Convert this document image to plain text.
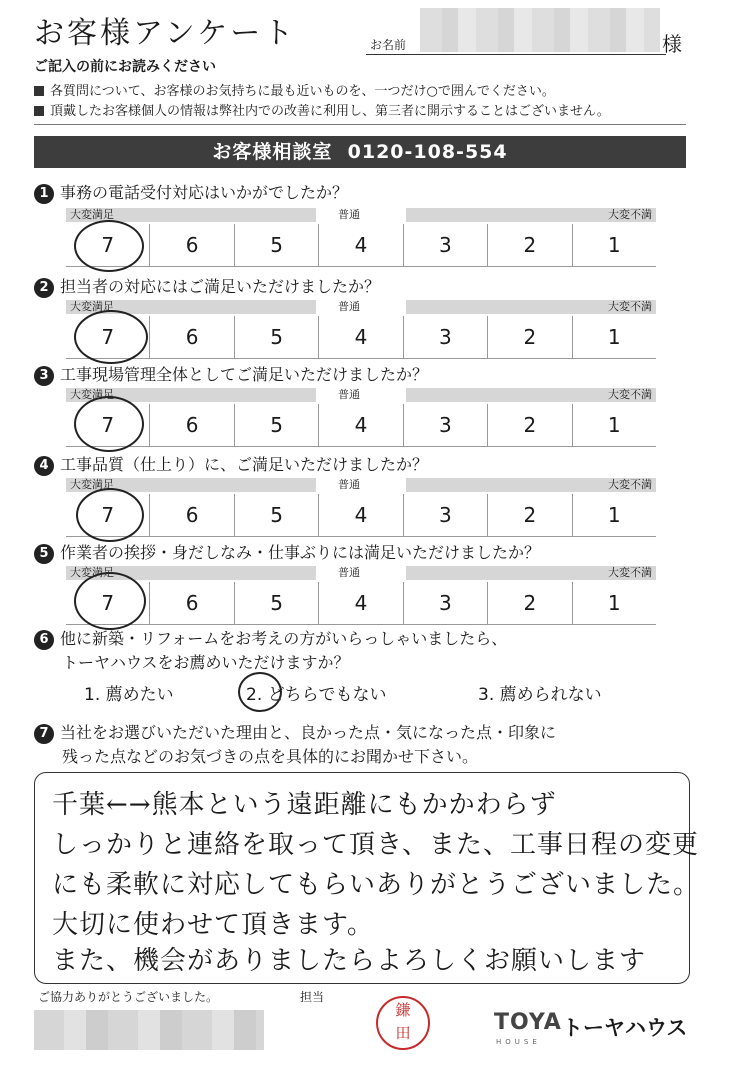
お客様アンケート	お名前	様
ご記入の前にお読みください
各質問について、お客様のお気持ちに最も近いものを、一つだけ○で囲んでください。
頂戴したお客様個人の情報は弊社内での改善に利用し、第三者に開示することはございません。
お客様相談室 0120-108-554
1 事務の電話受付対応はいかがでしたか？
大変満足	普通	大変不満
7	6	5	4	3	2	1
2 担当者の対応にはご満足いただけましたか？
大変満足	普通	大変不満
7	6	5	4	3	2	1
3 工事現場管理全体としてご満足いただけましたか？
大変満足	普通	大変不満
7	6	5	4	3	2	1
4 工事品質（仕上り）に、ご満足いただけましたか？
大変満足	普通	大変不満
7	6	5	4	3	2	1
5 作業者の挨拶・身だしなみ・仕事ぶりには満足いただけましたか？
大変満足	普通	大変不満
7	6	5	4	3	2	1
6 他に新築・リフォームをお考えの方がいらっしゃいましたら、
トーヤハウスをお薦めいただけますか？
1. 薦めたい	2. どちらでもない	3. 薦められない
7 当社をお選びいただいた理由と、良かった点・気になった点・印象に
残った点などのお気づきの点を具体的にお聞かせ下さい。
千葉←→熊本という遠距離にもかかわらず
しっかりと連絡を取って頂き、また、工事日程の変更
にも柔軟に対応してもらいありがとうございました。
大切に使わせて頂きます。
また、機会がありましたらよろしくお願いします
ご協力ありがとうございました。	担当
鎌田	TOYA
HOUSE
トーヤハウス
